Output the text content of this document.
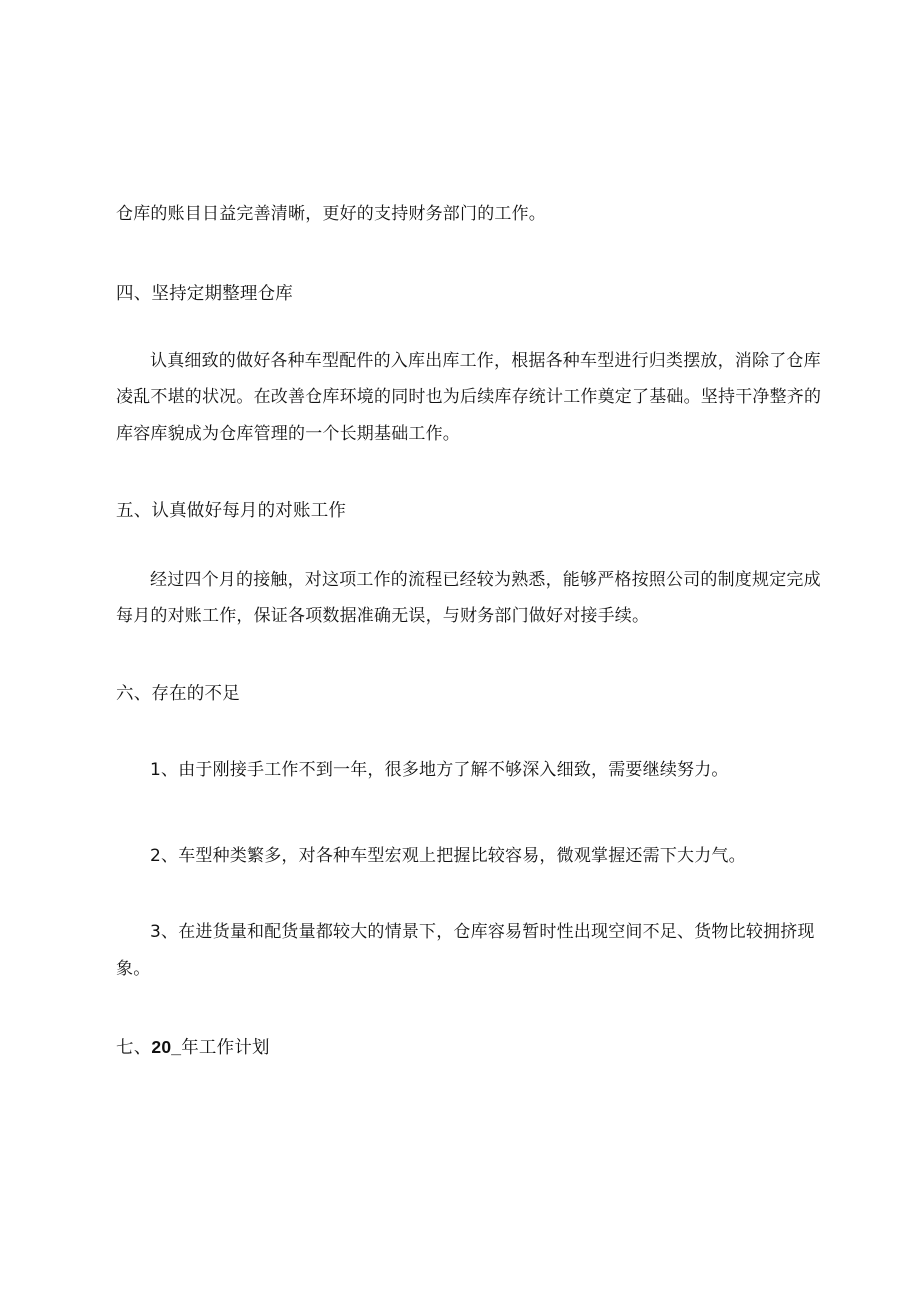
仓库的账目日益完善清晰，更好的支持财务部门的工作。
四、坚持定期整理仓库
认真细致的做好各种车型配件的入库出库工作，根据各种车型进行归类摆放，消除了仓库
凌乱不堪的状况。在改善仓库环境的同时也为后续库存统计工作奠定了基础。坚持干净整齐的
库容库貌成为仓库管理的一个长期基础工作。
五、认真做好每月的对账工作
经过四个月的接触，对这项工作的流程已经较为熟悉，能够严格按照公司的制度规定完成
每月的对账工作，保证各项数据准确无误，与财务部门做好对接手续。
六、存在的不足
1、由于刚接手工作不到一年，很多地方了解不够深入细致，需要继续努力。
2、车型种类繁多，对各种车型宏观上把握比较容易，微观掌握还需下大力气。
3、在进货量和配货量都较大的情景下，仓库容易暂时性出现空间不足、货物比较拥挤现
象。
七、20_年工作计划
